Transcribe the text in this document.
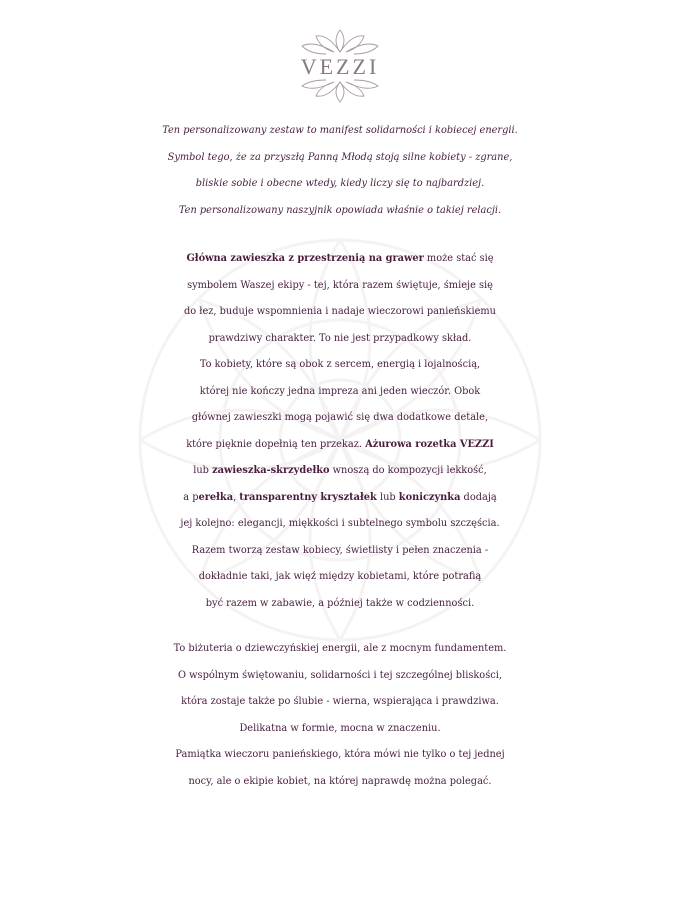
VEZZI

Ten personalizowany zestaw to manifest solidarności i kobiecej energii.
Symbol tego, że za przyszłą Panną Młodą stoją silne kobiety - zgrane,
bliskie sobie i obecne wtedy, kiedy liczy się to najbardziej.
Ten personalizowany naszyjnik opowiada właśnie o takiej relacji.

Główna zawieszka z przestrzenią na grawer może stać się
symbolem Waszej ekipy - tej, która razem świętuje, śmieje się
do łez, buduje wspomnienia i nadaje wieczorowi panieńskiemu
prawdziwy charakter. To nie jest przypadkowy skład.
To kobiety, które są obok z sercem, energią i lojalnością,
której nie kończy jedna impreza ani jeden wieczór. Obok
głównej zawieszki mogą pojawić się dwa dodatkowe detale,
które pięknie dopełnią ten przekaz. Ażurowa rozetka VEZZI
lub zawieszka-skrzydełko wnoszą do kompozycji lekkość,
a perełka, transparentny kryształek lub koniczynka dodają
jej kolejno: elegancji, miękkości i subtelnego symbolu szczęścia.
Razem tworzą zestaw kobiecy, świetlisty i pełen znaczenia -
dokładnie taki, jak więź między kobietami, które potrafią
być razem w zabawie, a później także w codzienności.

To biżuteria o dziewczyńskiej energii, ale z mocnym fundamentem.
O wspólnym świętowaniu, solidarności i tej szczególnej bliskości,
która zostaje także po ślubie - wierna, wspierająca i prawdziwa.
Delikatna w formie, mocna w znaczeniu.
Pamiątka wieczoru panieńskiego, która mówi nie tylko o tej jednej
nocy, ale o ekipie kobiet, na której naprawdę można polegać.
